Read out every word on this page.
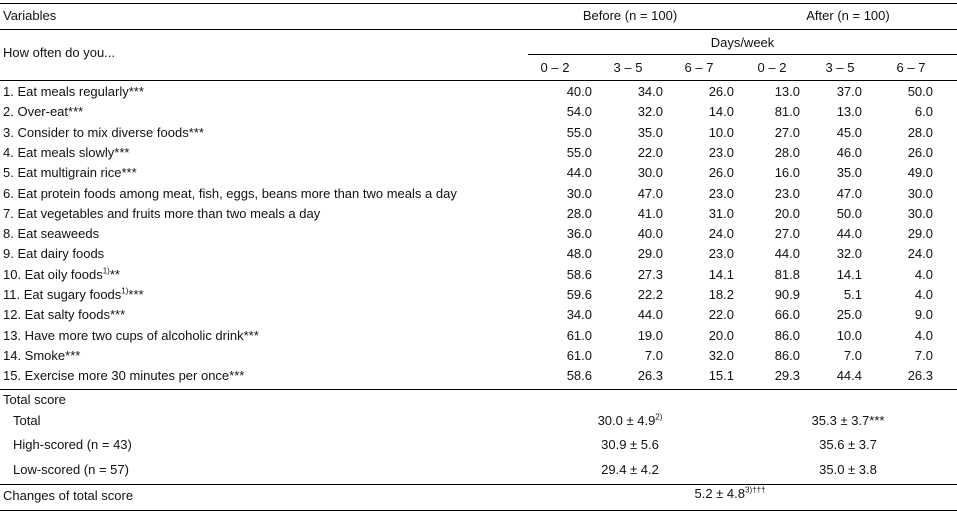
Variables	Before (n = 100)	After (n = 100)
How often do you...
Days/week
0 – 2	3 – 5	6 – 7	0 – 2	3 – 5	6 – 7
1. Eat meals regularly***	40.0	34.0	26.0	13.0	37.0	50.0
2. Over-eat***	54.0	32.0	14.0	81.0	13.0	6.0
3. Consider to mix diverse foods***	55.0	35.0	10.0	27.0	45.0	28.0
4. Eat meals slowly***	55.0	22.0	23.0	28.0	46.0	26.0
5. Eat multigrain rice***	44.0	30.0	26.0	16.0	35.0	49.0
6. Eat protein foods among meat, fish, eggs, beans more than two meals a day	30.0	47.0	23.0	23.0	47.0	30.0
7. Eat vegetables and fruits more than two meals a day	28.0	41.0	31.0	20.0	50.0	30.0
8. Eat seaweeds	36.0	40.0	24.0	27.0	44.0	29.0
9. Eat dairy foods	48.0	29.0	23.0	44.0	32.0	24.0
10. Eat oily foods$^{1)}$**	58.6	27.3	14.1	81.8	14.1	4.0
11. Eat sugary foods$^{1)}$***	59.6	22.2	18.2	90.9	5.1	4.0
12. Eat salty foods***	34.0	44.0	22.0	66.0	25.0	9.0
13. Have more two cups of alcoholic drink***	61.0	19.0	20.0	86.0	10.0	4.0
14. Smoke***	61.0	7.0	32.0	86.0	7.0	7.0
15. Exercise more 30 minutes per once***	58.6	26.3	15.1	29.3	44.4	26.3
Total score
Total	$30.0 \pm 4.9^{2)}$	35.3 ± 3.7***
High-scored (n = 43)	30.9 ± 5.6	35.6 ± 3.7
Low-scored (n = 57)	29.4 ± 4.2	35.0 ± 3.8
Changes of total score	$5.2 \pm 4.8^{3)\dagger\dagger\dagger}$
